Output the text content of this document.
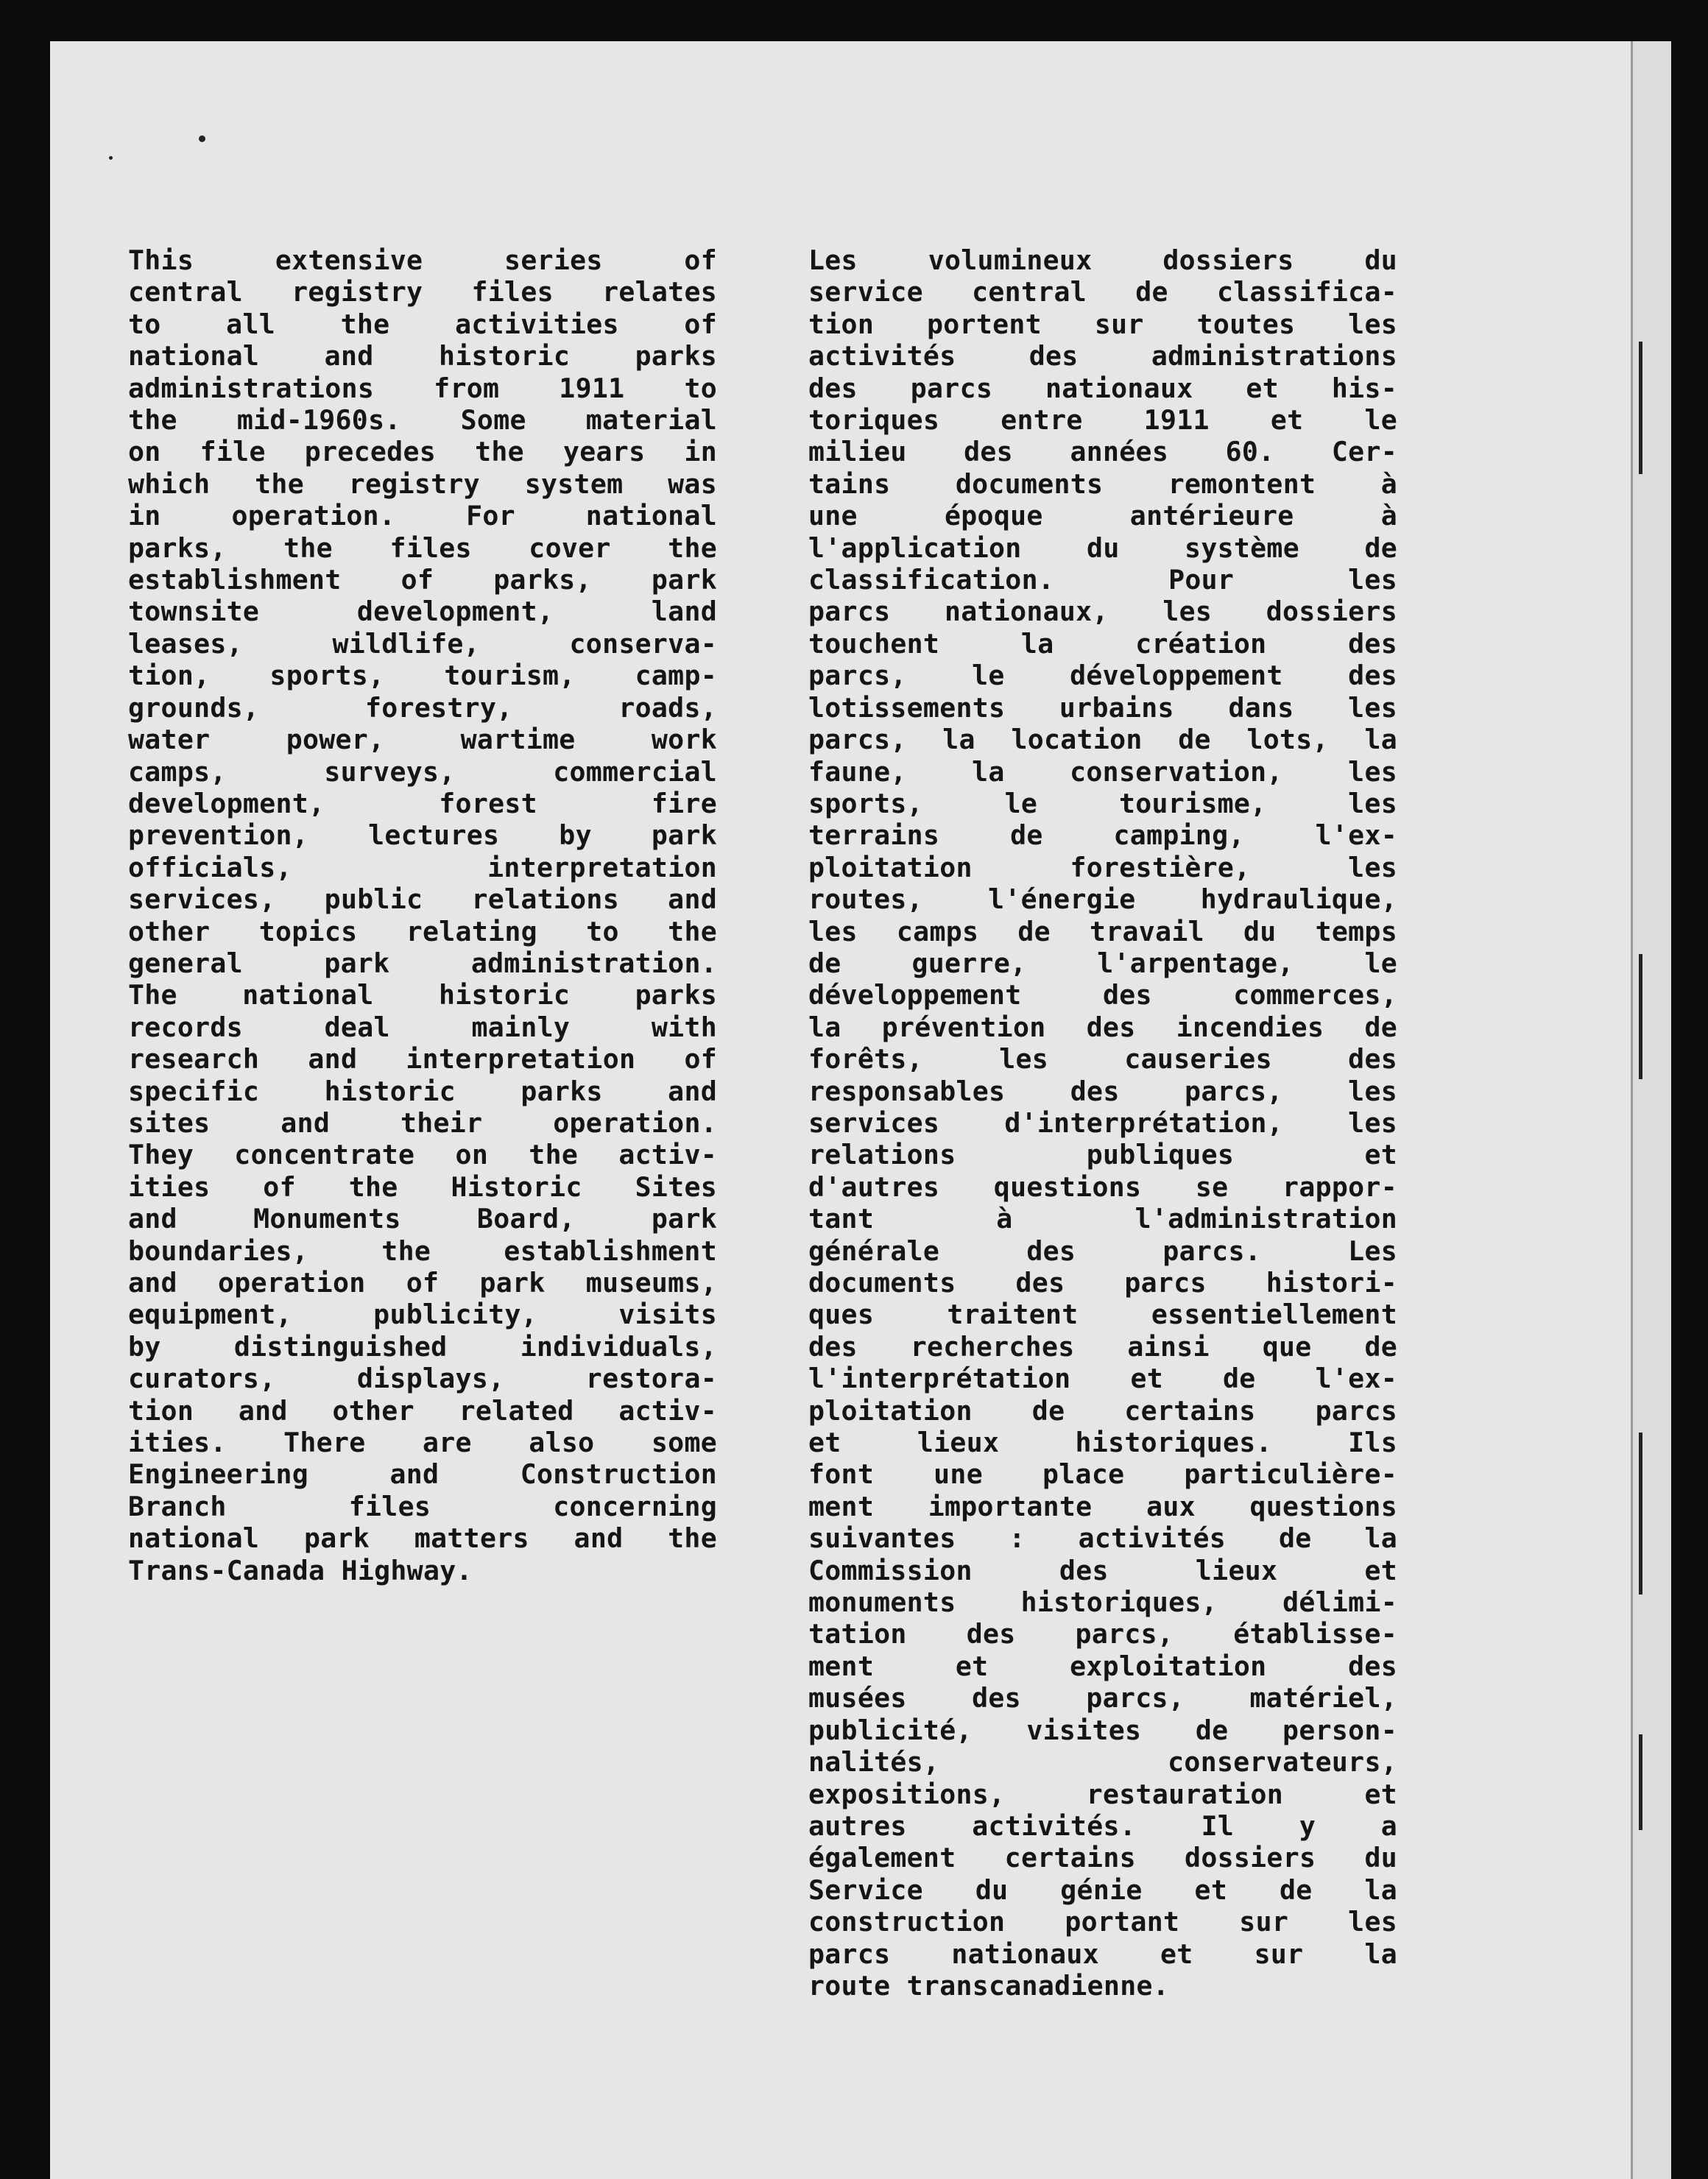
This extensive series of
central registry files relates
to all the activities of
national and historic parks
administrations from 1911 to
the mid-1960s. Some material
on file precedes the years in
which the registry system was
in operation. For national
parks, the files cover the
establishment of parks, park
townsite development, land
leases, wildlife, conserva-
tion, sports, tourism, camp-
grounds, forestry, roads,
water power, wartime work
camps, surveys, commercial
development, forest fire
prevention, lectures by park
officials, interpretation
services, public relations and
other topics relating to the
general park administration.
The national historic parks
records deal mainly with
research and interpretation of
specific historic parks and
sites and their operation.
They concentrate on the activ-
ities of the Historic Sites
and Monuments Board, park
boundaries, the establishment
and operation of park museums,
equipment, publicity, visits
by distinguished individuals,
curators, displays, restora-
tion and other related activ-
ities. There are also some
Engineering and Construction
Branch files concerning
national park matters and the
Trans-Canada Highway.
Les volumineux dossiers du
service central de classifica-
tion portent sur toutes les
activités des administrations
des parcs nationaux et his-
toriques entre 1911 et le
milieu des années 60. Cer-
tains documents remontent à
une époque antérieure à
l'application du système de
classification. Pour les
parcs nationaux, les dossiers
touchent la création des
parcs, le développement des
lotissements urbains dans les
parcs, la location de lots, la
faune, la conservation, les
sports, le tourisme, les
terrains de camping, l'ex-
ploitation forestière, les
routes, l'énergie hydraulique,
les camps de travail du temps
de guerre, l'arpentage, le
développement des commerces,
la prévention des incendies de
forêts, les causeries des
responsables des parcs, les
services d'interprétation, les
relations publiques et
d'autres questions se rappor-
tant à l'administration
générale des parcs. Les
documents des parcs histori-
ques traitent essentiellement
des recherches ainsi que de
l'interprétation et de l'ex-
ploitation de certains parcs
et lieux historiques. Ils
font une place particulière-
ment importante aux questions
suivantes : activités de la
Commission des lieux et
monuments historiques, délimi-
tation des parcs, établisse-
ment et exploitation des
musées des parcs, matériel,
publicité, visites de person-
nalités, conservateurs,
expositions, restauration et
autres activités. Il y a
également certains dossiers du
Service du génie et de la
construction portant sur les
parcs nationaux et sur la
route transcanadienne.
